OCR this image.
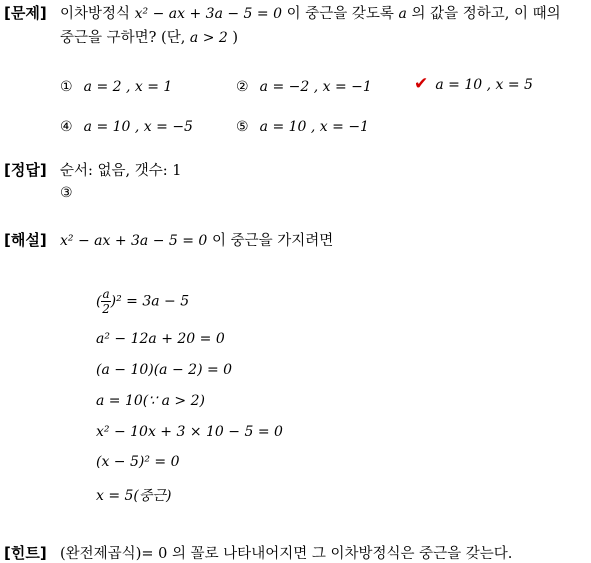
[문제] 이차방정식 x² − ax + 3a − 5 = 0 이 중근을 갖도록 a 의 값을 정하고, 이 때의
중근을 구하면? (단, a > 2 )
① a = 2 , x = 1	② a = −2 , x = −1 ✔ a = 10 , x = 5
④ a = 10 , x = −5	⑤ a = 10 , x = −1
[정답] 순서: 없음, 갯수: 1
③
[해설] x² − ax + 3a − 5 = 0 이 중근을 가지려면
( $\frac{a}{2} )^2 = 3a - 5$
a² − 12a + 20 = 0
(a − 10)(a − 2) = 0
a = 10(∵ a > 2)
x² − 10x + 3 × 10 − 5 = 0
(x − 5)² = 0
x = 5(중근)
[힌트] (완전제곱식)= 0 의 꼴로 나타내어지면 그 이차방정식은 중근을 갖는다.
